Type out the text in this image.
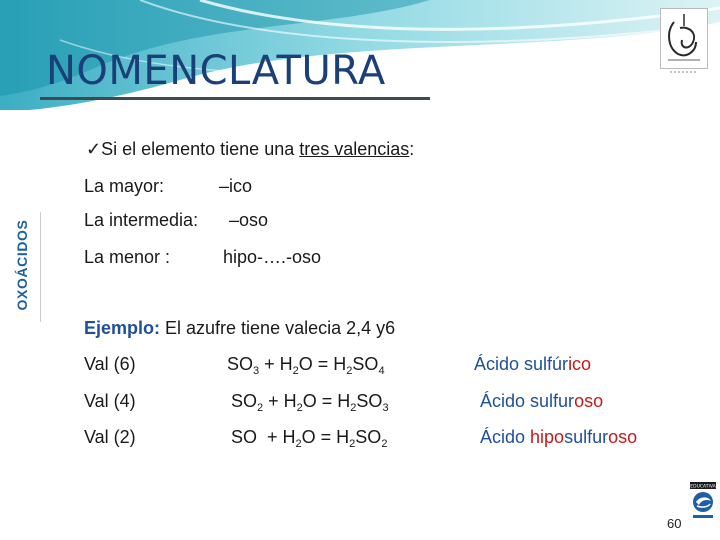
NOMENCLATURA
OXOÁCIDOS
✓Si el elemento tiene una tres valencias:
La mayor:	–ico
La intermedia: –oso
La menor :	hipo-….-oso
Ejemplo: El azufre tiene valecia 2,4 y6
Val (6)	$SO_3 + H_2O = H_2SO_4$	Ácido sulfúrico
Val (4)	$SO_2 + H_2O = H_2SO_3$	Ácido sulfuroso
Val (2)	SO  + $H_2O = H_2SO_2$	Ácido hiposulfuroso
EDUCATIVA
60
